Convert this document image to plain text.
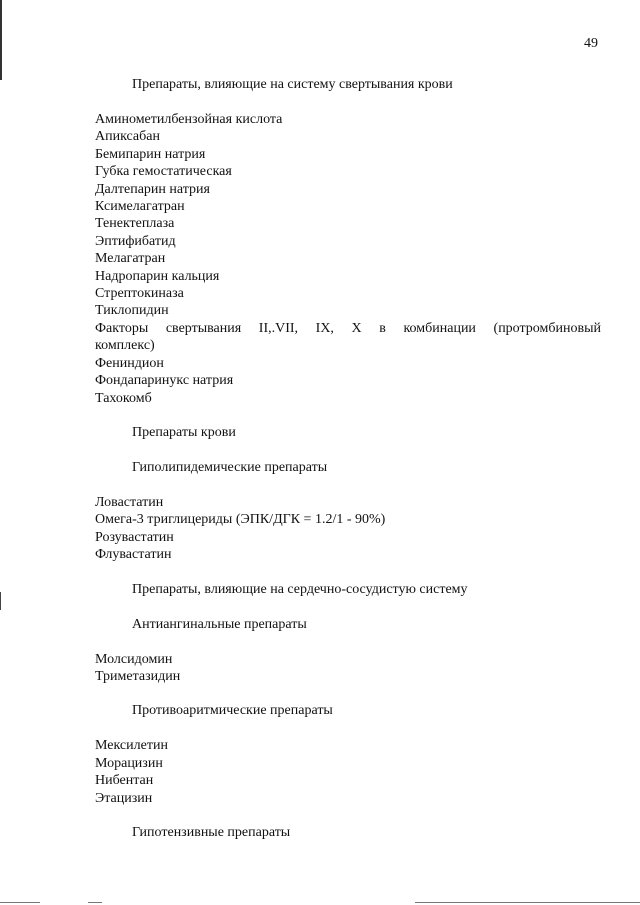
49
Препараты, влияющие на систему свертывания крови
Аминометилбензойная кислота
Апиксабан
Бемипарин натрия
Губка гемостатическая
Далтепарин натрия
Ксимелагатран
Тенектеплаза
Эптифибатид
Мелагатран
Надропарин кальция
Стрептокиназа
Тиклопидин
Факторы свертывания II,.VII, IX, X в комбинации (протромбиновый
комплекс)
Фениндион
Фондапаринукс натрия
Тахокомб
Препараты крови
Гиполипидемические препараты
Ловастатин
Омега-3 триглицериды (ЭПК/ДГК = 1.2/1 - 90%)
Розувастатин
Флувастатин
Препараты, влияющие на сердечно-сосудистую систему
Антиангинальные препараты
Молсидомин
Триметазидин
Противоаритмические препараты
Мексилетин
Морацизин
Нибентан
Этацизин
Гипотензивные препараты
